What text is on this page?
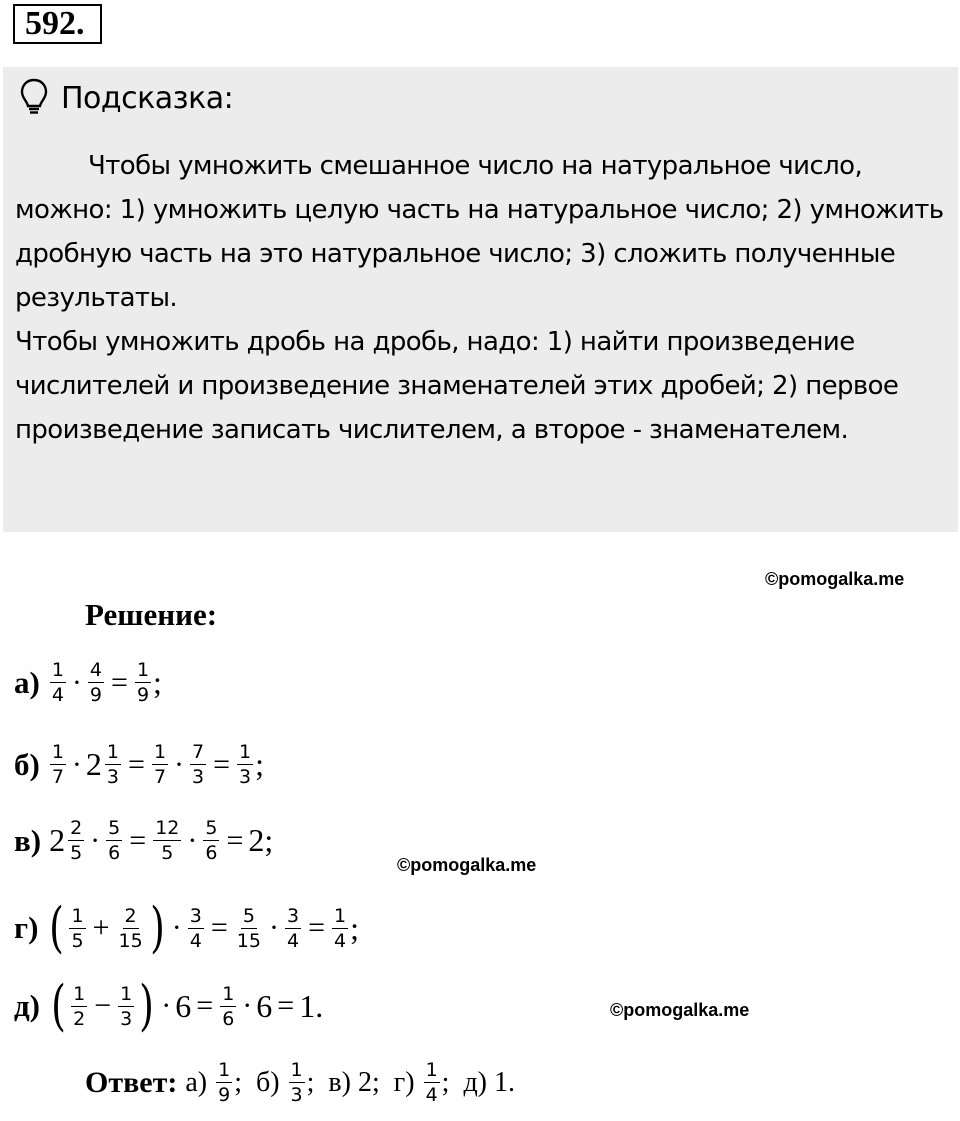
592.
Подсказка:

Чтобы умножить смешанное число на натуральное число, можно: 1) умножить целую часть на натуральное число; 2) умножить дробную часть на это натуральное число; 3) сложить полученные результаты.

Чтобы умножить дробь на дробь, надо: 1) найти произведение числителей и произведение знаменателей этих дробей; 2) первое произведение записать числителем, а второе - знаменателем.

©pomogalka.me
©pomogalka.me
©pomogalka.me
Решение:
$а) \frac{1}{4} \cdot \frac{4}{9} = \frac{1}{9}$ ;
$б) \frac{1}{7} \cdot 2 \frac{1}{3} = \frac{1}{7} \cdot \frac{7}{3} = \frac{1}{3}$ ;
в) $2 \frac{2}{5} \cdot \frac{5}{6} = \frac{12}{5} \cdot \frac{5}{6} = 2$;
г) ( $\frac{1}{5} + \frac{2}{15}$ ) · $\frac{3}{4} = \frac{5}{15} \cdot \frac{3}{4} = \frac{1}{4}$ ;
д) ( $\frac{1}{2} - \frac{1}{3}$ ) · $6 = \frac{1}{6} \cdot 6 = 1$.
Ответ: $а) \frac{1}{9}$ ; $б) \frac{1}{3}$ ; в) 2; $г) \frac{1}{4}$ ; д) 1.
